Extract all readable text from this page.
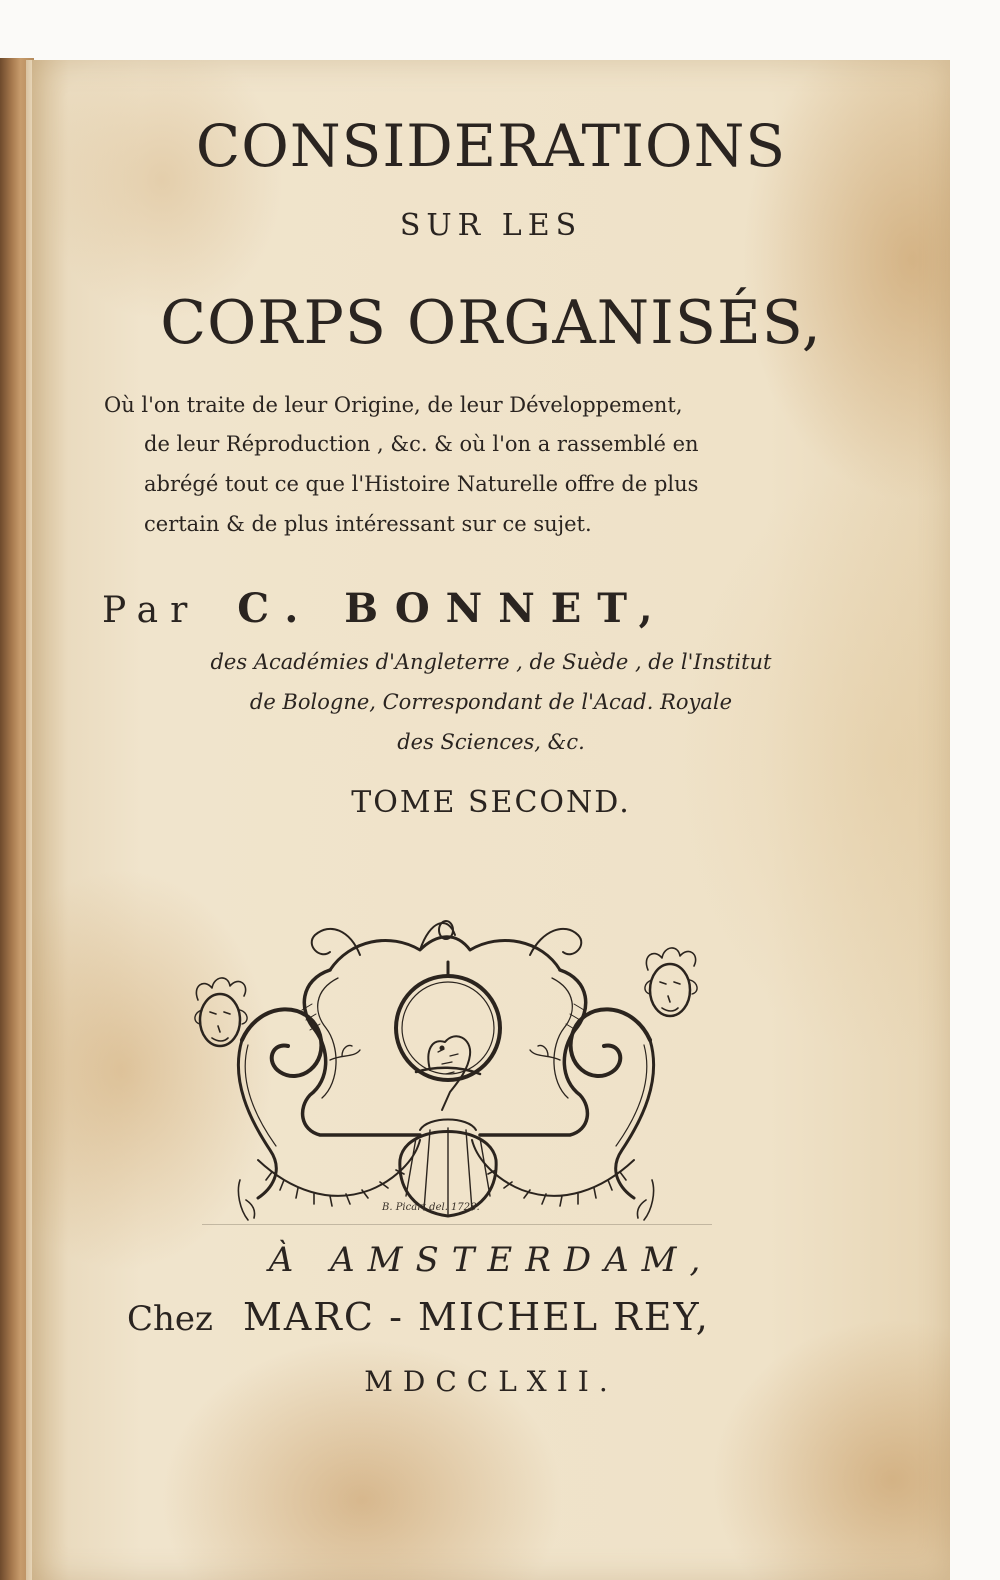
CONSIDERATIONS
SUR LES
CORPS ORGANISÉS,
Où l'on traite de leur Origine, de leur Développement,
de leur Réproduction , &c. & où l'on a rassemblé en
abrégé tout ce que l'Histoire Naturelle offre de plus
certain & de plus intéressant sur ce sujet.
Par C. BONNET,
des Académies d'Angleterre , de Suède , de l'Institut
de Bologne, Correspondant de l'Acad. Royale
des Sciences, &c.
TOME SECOND.
B. Picart del. 1728.
À AMSTERDAM,
Chez MARC - MICHEL REY,
MDCCLXII.
